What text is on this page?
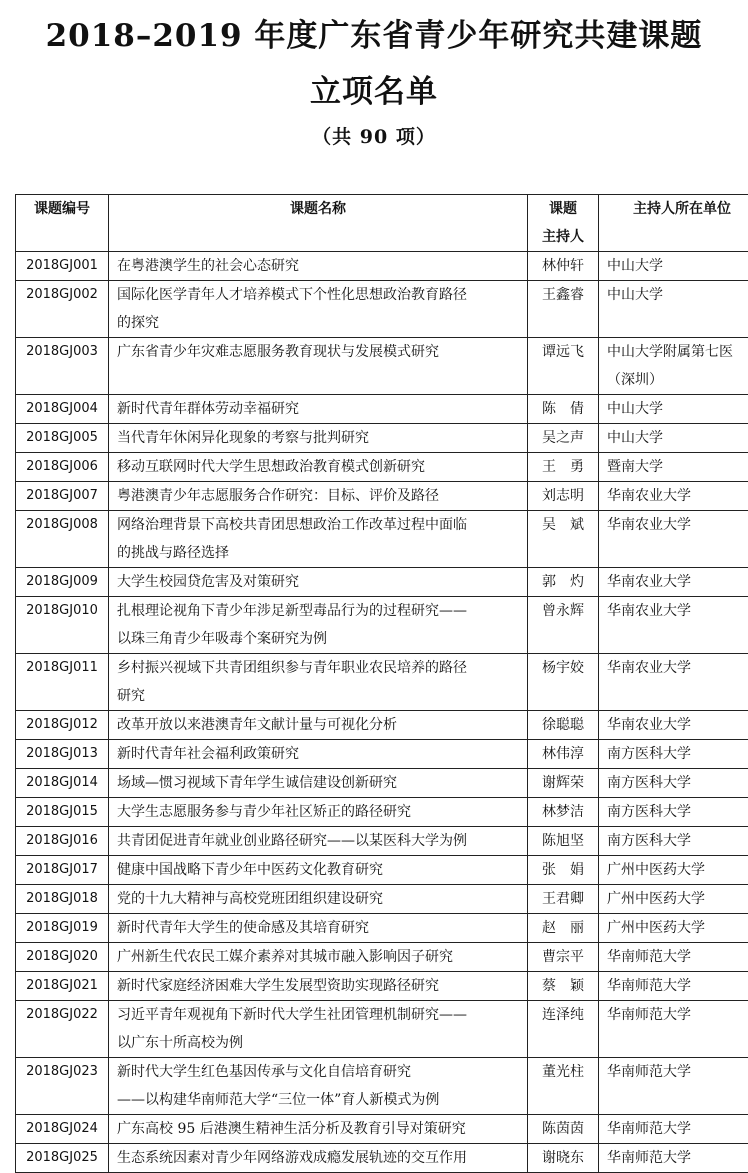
2018–2019 年度广东省青少年研究共建课题
立项名单
（共 90 项）
课题编号	课题名称	课题
主持人	主持人所在单位
2018GJ001	在粤港澳学生的社会心态研究	林仲轩	中山大学

2018GJ002	国际化医学青年人才培养模式下个性化思想政治教育路径
的探究	王鑫睿	中山大学

2018GJ003	广东省青少年灾难志愿服务教育现状与发展模式研究	谭远飞	中山大学附属第七医
（深圳）

2018GJ004	新时代青年群体劳动幸福研究	陈　倩	中山大学

2018GJ005	当代青年休闲异化现象的考察与批判研究	吴之声	中山大学

2018GJ006	移动互联网时代大学生思想政治教育模式创新研究	王　勇	暨南大学

2018GJ007	粤港澳青少年志愿服务合作研究：目标、评价及路径	刘志明	华南农业大学

2018GJ008	网络治理背景下高校共青团思想政治工作改革过程中面临
的挑战与路径选择	吴　斌	华南农业大学

2018GJ009	大学生校园贷危害及对策研究	郭　灼	华南农业大学

2018GJ010	扎根理论视角下青少年涉足新型毒品行为的过程研究——
以珠三角青少年吸毒个案研究为例	曾永辉	华南农业大学

2018GJ011	乡村振兴视域下共青团组织参与青年职业农民培养的路径
研究	杨宇姣	华南农业大学

2018GJ012	改革开放以来港澳青年文献计量与可视化分析	徐聪聪	华南农业大学

2018GJ013	新时代青年社会福利政策研究	林伟淳	南方医科大学

2018GJ014	场域—惯习视域下青年学生诚信建设创新研究	谢辉荣	南方医科大学

2018GJ015	大学生志愿服务参与青少年社区矫正的路径研究	林梦洁	南方医科大学

2018GJ016	共青团促进青年就业创业路径研究——以某医科大学为例	陈旭坚	南方医科大学

2018GJ017	健康中国战略下青少年中医药文化教育研究	张　娟	广州中医药大学

2018GJ018	党的十九大精神与高校党班团组织建设研究	王君卿	广州中医药大学

2018GJ019	新时代青年大学生的使命感及其培育研究	赵　丽	广州中医药大学

2018GJ020	广州新生代农民工媒介素养对其城市融入影响因子研究	曹宗平	华南师范大学

2018GJ021	新时代家庭经济困难大学生发展型资助实现路径研究	蔡　颖	华南师范大学

2018GJ022	习近平青年观视角下新时代大学生社团管理机制研究——
以广东十所高校为例	连泽纯	华南师范大学

2018GJ023	新时代大学生红色基因传承与文化自信培育研究
——以构建华南师范大学“三位一体”育人新模式为例	董光柱	华南师范大学

2018GJ024	广东高校 95 后港澳生精神生活分析及教育引导对策研究	陈茵茵	华南师范大学

2018GJ025	生态系统因素对青少年网络游戏成瘾发展轨迹的交互作用	谢晓东	华南师范大学
